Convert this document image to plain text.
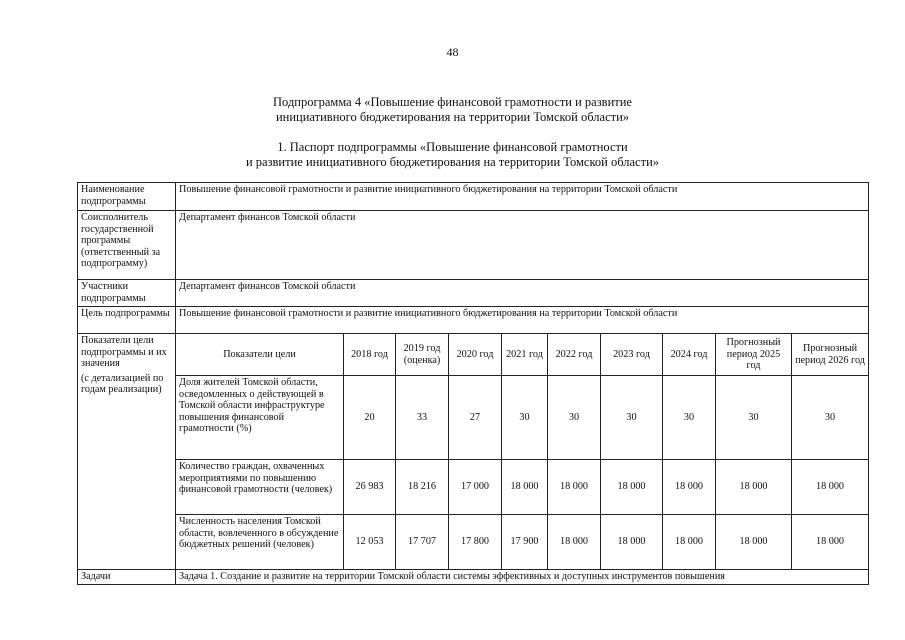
48
Подпрограмма 4 «Повышение финансовой грамотности и развитие
инициативного бюджетирования на территории Томской области»
1. Паспорт подпрограммы «Повышение финансовой грамотности
и развитие инициативного бюджетирования на территории Томской области»
Наименование подпрограммы	Повышение финансовой грамотности и развитие инициативного бюджетирования на территории Томской области									
Соисполнитель государственной программы (ответственный за подпрограмму)	Департамент финансов Томской области									
Участники подпрограммы	Департамент финансов Томской области									
Цель подпрограммы	Повышение финансовой грамотности и развитие инициативного бюджетирования на территории Томской области									

Показатели цели подпрограммы и их значения
(с детализацией по годам реализации)	Показатели цели	2018 год	2019 год (оценка)	2020 год	2021 год	2022 год	2023 год	2024 год	Прогнозный период 2025 год	Прогнозный период 2026 год
	Доля жителей Томской области, осведомленных о действующей в Томской области инфраструктуре повышения финансовой грамотности (%)	20	33	27	30	30	30	30	30	30
	Количество граждан, охваченных мероприятиями по повышению финансовой грамотности (человек)	26 983	18 216	17 000	18 000	18 000	18 000	18 000	18 000	18 000
	Численность населения Томской области, вовлеченного в обсуждение бюджетных решений (человек)	12 053	17 707	17 800	17 900	18 000	18 000	18 000	18 000	18 000
Задачи	Задача 1. Создание и развитие на территории Томской области системы эффективных и доступных инструментов повышения									
